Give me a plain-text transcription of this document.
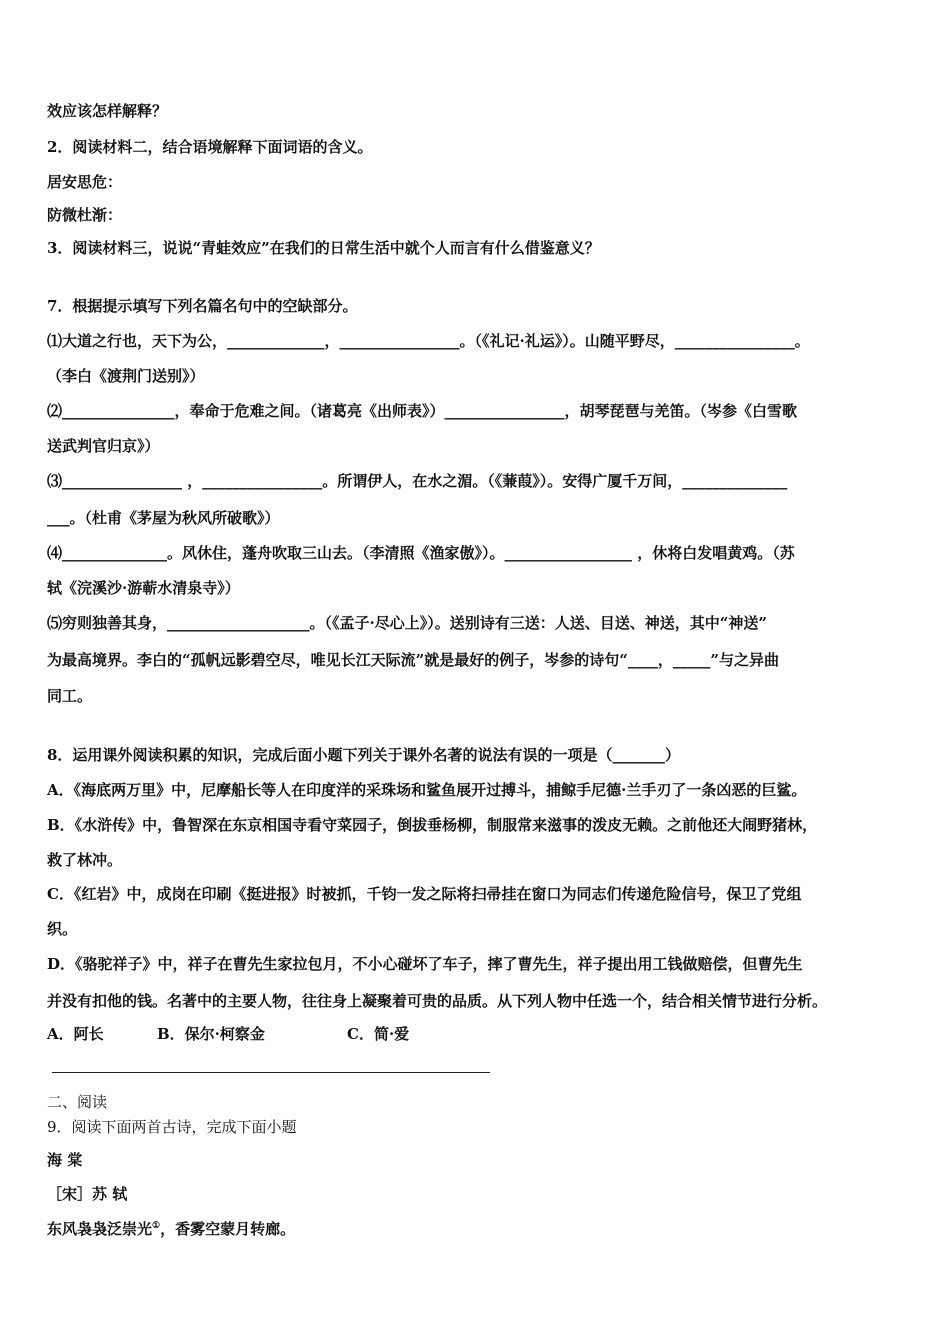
效应该怎样解释？
2．阅读材料二，结合语境解释下面词语的含义。
居安思危：
防微杜渐：
3．阅读材料三，说说“青蛙效应”在我们的日常生活中就个人而言有什么借鉴意义？
7．根据提示填写下列名篇名句中的空缺部分。
⑴大道之行也，天下为公，_____________，________________。（《礼记·礼运》）。山随平野尽，________________。
（李白《渡荆门送别》）
⑵_______________，奉命于危难之间。（诸葛亮《出师表》）________________，胡琴琵琶与羌笛。（岑参《白雪歌
送武判官归京》）
⑶________________ ，________________。所谓伊人，在水之湄。（《蒹葭》）。安得广厦千万间，______________
___。（杜甫《茅屋为秋风所破歌》）
⑷______________。风休住，蓬舟吹取三山去。（李清照《渔家傲》）。_________________ ，休将白发唱黄鸡。（苏
轼《浣溪沙·游蕲水清泉寺》）
⑸穷则独善其身，___________________。（《孟子·尽心上》）。送别诗有三送：人送、目送、神送，其中“神送”
为最高境界。李白的“孤帆远影碧空尽，唯见长江天际流”就是最好的例子，岑参的诗句“____，_____”与之异曲
同工。
8．运用课外阅读积累的知识，完成后面小题下列关于课外名著的说法有误的一项是（_______）
A．《海底两万里》中，尼摩船长等人在印度洋的采珠场和鲨鱼展开过搏斗，捕鲸手尼德·兰手刃了一条凶恶的巨鲨。
B．《水浒传》中，鲁智深在东京相国寺看守菜园子，倒拔垂杨柳，制服常来滋事的泼皮无赖。之前他还大闹野猪林，
救了林冲。
C．《红岩》中，成岗在印刷《挺进报》时被抓，千钧一发之际将扫帚挂在窗口为同志们传递危险信号，保卫了党组
织。
D．《骆驼祥子》中，祥子在曹先生家拉包月，不小心碰坏了车子，摔了曹先生，祥子提出用工钱做赔偿，但曹先生
并没有扣他的钱。名著中的主要人物，往往身上凝聚着可贵的品质。从下列人物中任选一个，结合相关情节进行分析。
A．阿长	B．保尔·柯察金	C．简·爱
二、阅读
9．阅读下面两首古诗，完成下面小题
海 棠
［宋］苏 轼
东风袅袅泛崇光①，香雾空蒙月转廊。
